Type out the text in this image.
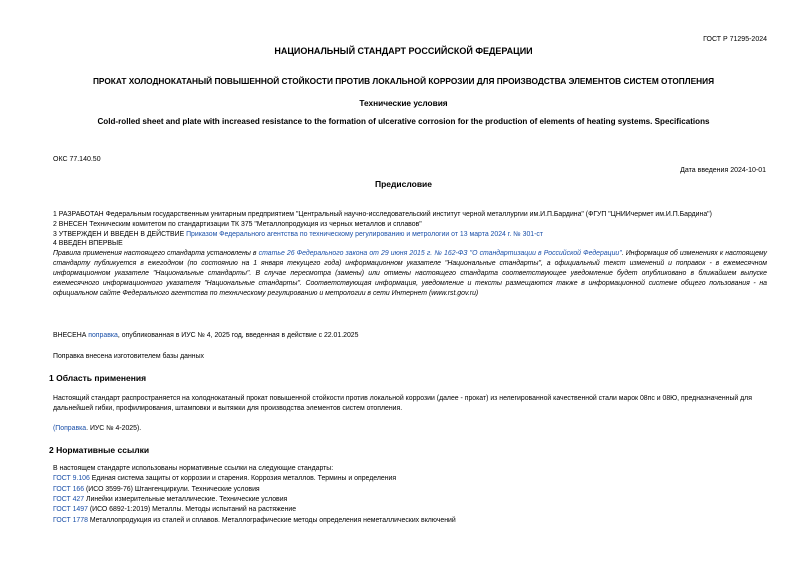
ГОСТ Р 71295-2024
НАЦИОНАЛЬНЫЙ СТАНДАРТ РОССИЙСКОЙ ФЕДЕРАЦИИ
ПРОКАТ ХОЛОДНОКАТАНЫЙ ПОВЫШЕННОЙ СТОЙКОСТИ ПРОТИВ ЛОКАЛЬНОЙ КОРРОЗИИ ДЛЯ ПРОИЗВОДСТВА ЭЛЕМЕНТОВ СИСТЕМ ОТОПЛЕНИЯ
Технические условия
Cold-rolled sheet and plate with increased resistance to the formation of ulcerative corrosion for the production of elements of heating systems. Specifications
ОКС 77.140.50
Дата введения 2024-10-01
Предисловие
1 РАЗРАБОТАН Федеральным государственным унитарным предприятием "Центральный научно-исследовательский институт черной металлургии им.И.П.Бардина" (ФГУП "ЦНИИчермет им.И.П.Бардина")
2 ВНЕСЕН Техническим комитетом по стандартизации ТК 375 "Металлопродукция из черных металлов и сплавов"
3 УТВЕРЖДЕН И ВВЕДЕН В ДЕЙСТВИЕ Приказом Федерального агентства по техническому регулированию и метрологии от 13 марта 2024 г. № 301-ст
4 ВВЕДЕН ВПЕРВЫЕ
Правила применения настоящего стандарта установлены в статье 26 Федерального закона от 29 июня 2015 г. № 162-ФЗ "О стандартизации в Российской Федерации". Информация об изменениях к настоящему стандарту публикуется в ежегодном (по состоянию на 1 января текущего года) информационном указателе "Национальные стандарты", а официальный текст изменений и поправок - в ежемесячном информационном указателе "Национальные стандарты". В случае пересмотра (замены) или отмены настоящего стандарта соответствующее уведомление будет опубликовано в ближайшем выпуске ежемесячного информационного указателя "Национальные стандарты". Соответствующая информация, уведомление и тексты размещаются также в информационной системе общего пользования - на официальном сайте Федерального агентства по техническому регулированию и метрологии в сети Интернет (www.rst.gov.ru)
ВНЕСЕНА поправка, опубликованная в ИУС № 4, 2025 год, введенная в действие с 22.01.2025
Поправка внесена изготовителем базы данных
1 Область применения
Настоящий стандарт распространяется на холоднокатаный прокат повышенной стойкости против локальной коррозии (далее - прокат) из нелегированной качественной стали марок 08пс и 08Ю, предназначенный для дальнейшей гибки, профилирования, штамповки и вытяжки для производства элементов систем отопления.
(Поправка. ИУС № 4-2025).
2 Нормативные ссылки
В настоящем стандарте использованы нормативные ссылки на следующие стандарты:
ГОСТ 9.106 Единая система защиты от коррозии и старения. Коррозия металлов. Термины и определения
ГОСТ 166 (ИСО 3599-76) Штангенциркули. Технические условия
ГОСТ 427 Линейки измерительные металлические. Технические условия
ГОСТ 1497 (ИСО 6892-1:2019) Металлы. Методы испытаний на растяжение
ГОСТ 1778 Металлопродукция из сталей и сплавов. Металлографические методы определения неметаллических включений
